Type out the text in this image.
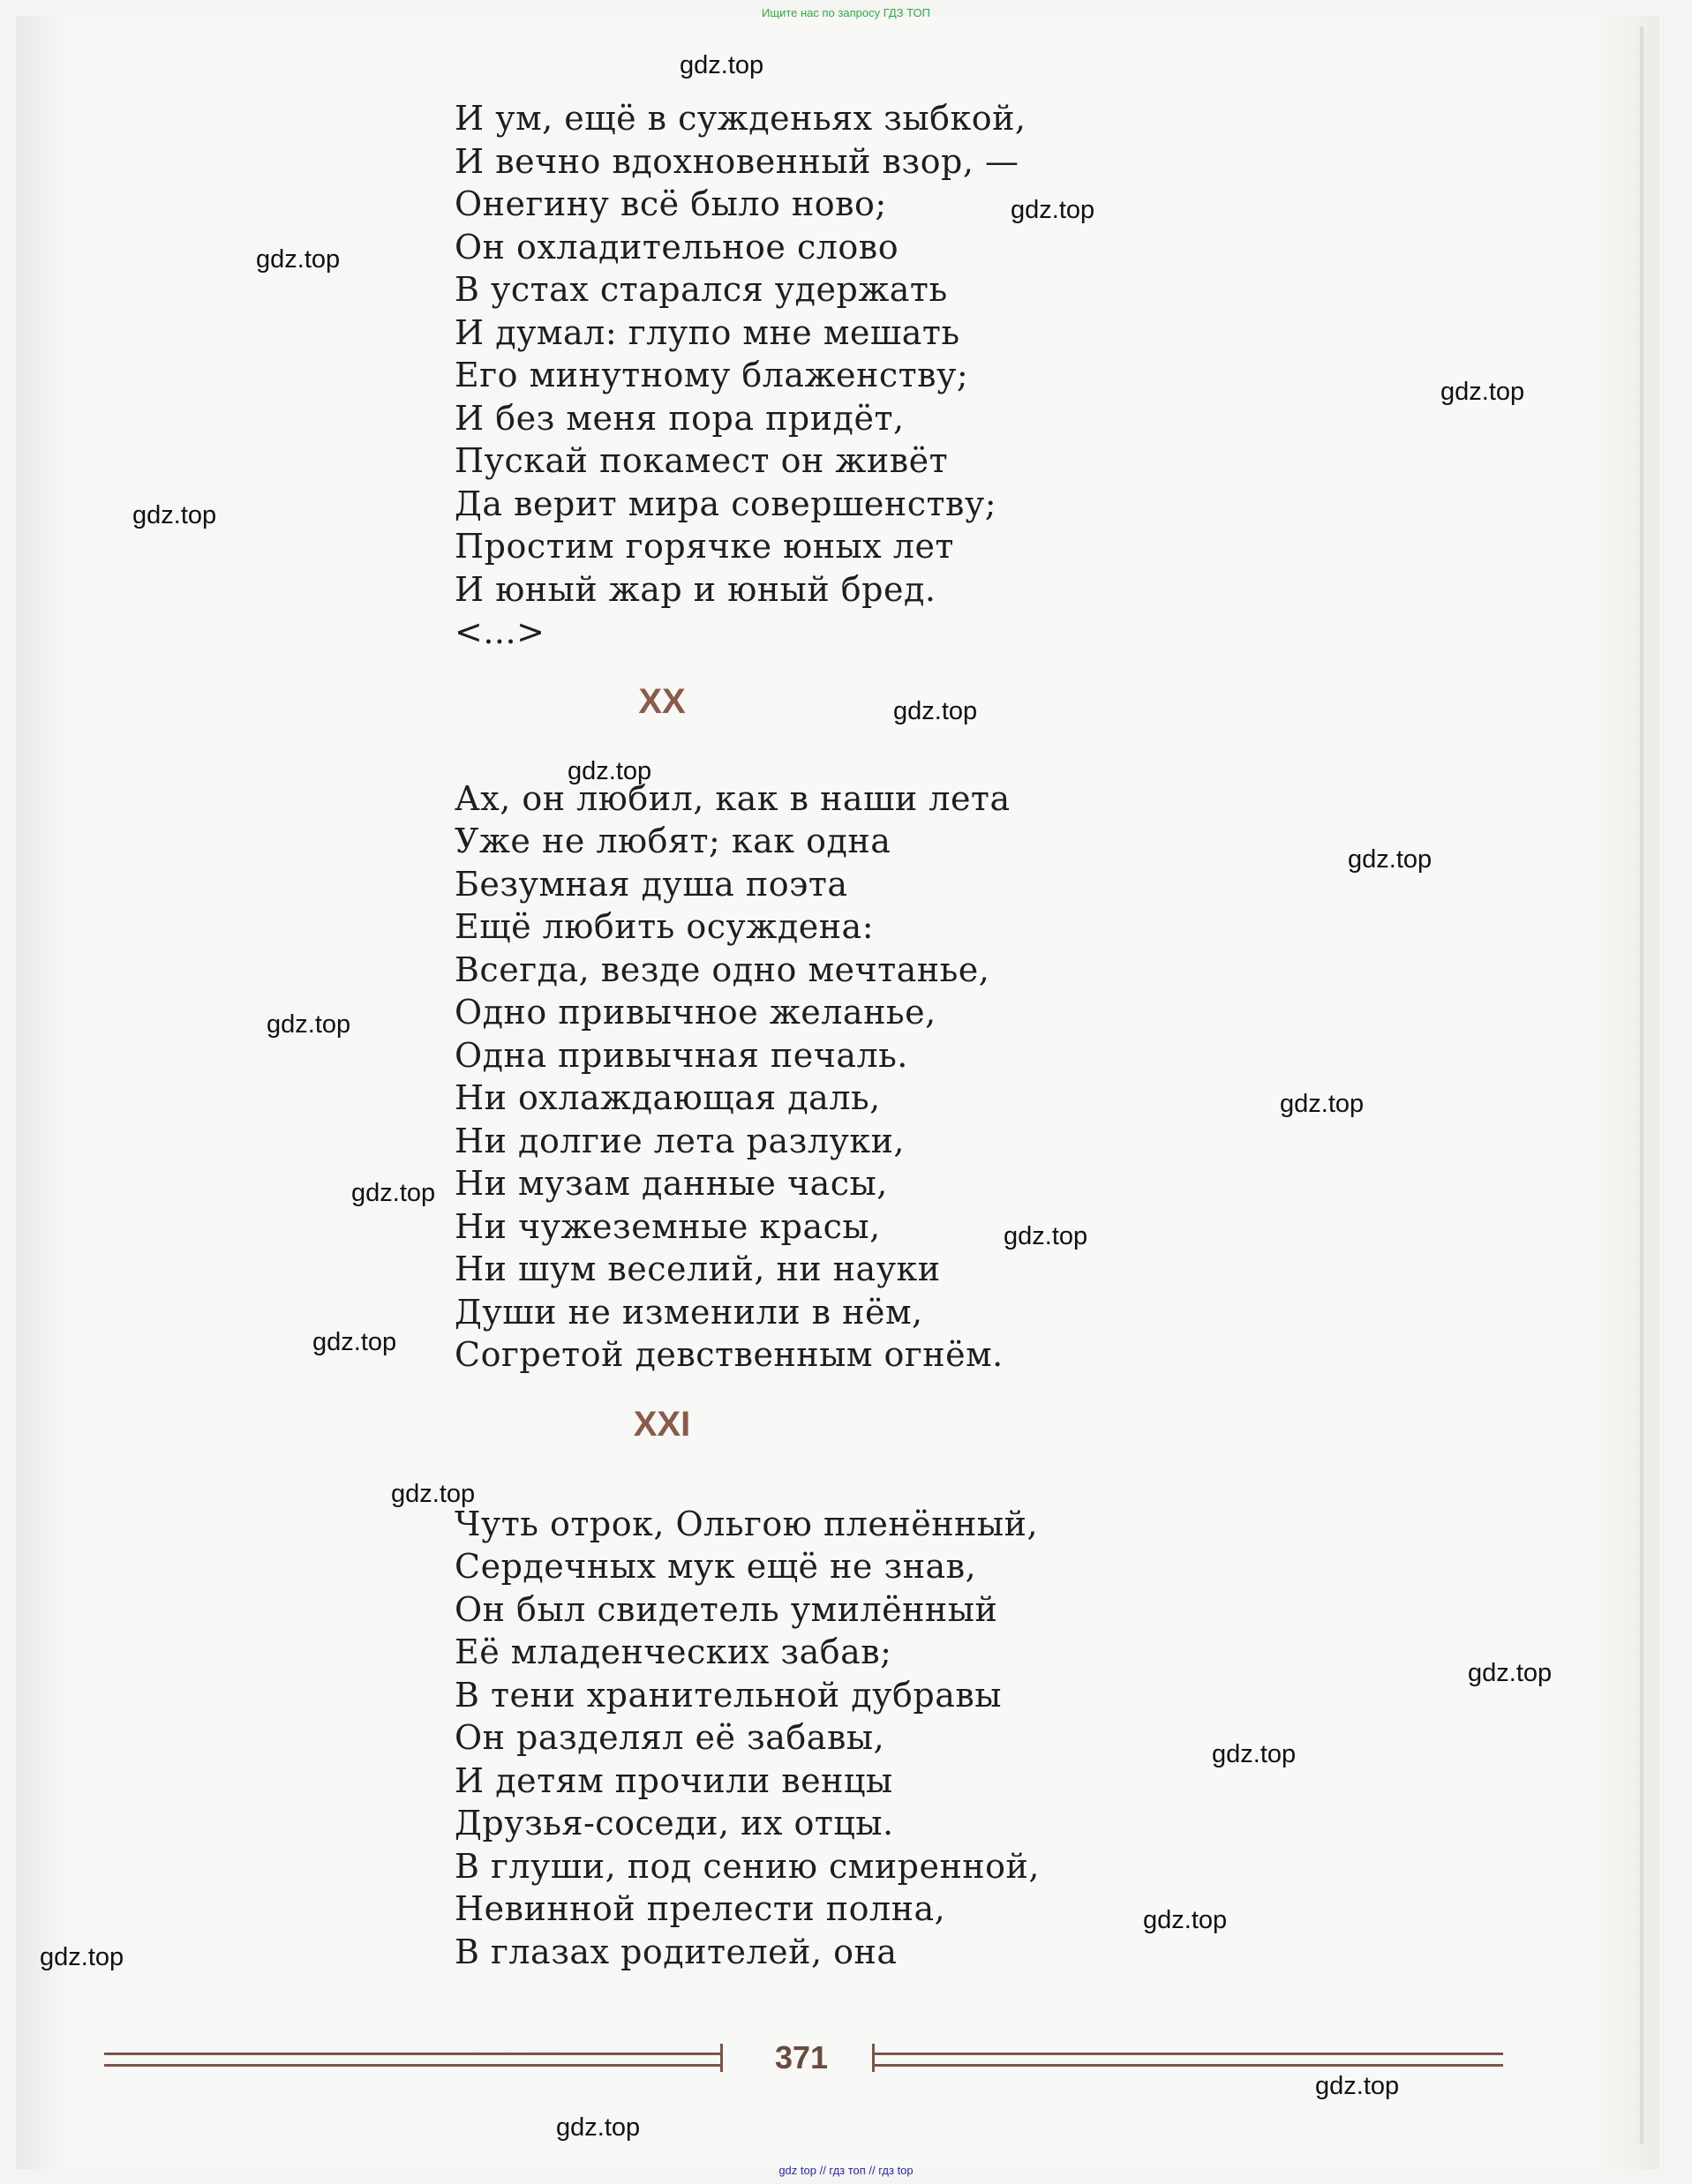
Ищите нас по запросу ГДЗ ТОП
И ум, ещё в сужденьях зыбкой,
И вечно вдохновенный взор, —
Онегину всё было ново;
Он охладительное слово
В устах старался удержать
И думал: глупо мне мешать
Его минутному блаженству;
И без меня пора придёт,
Пускай покамест он живёт
Да верит мира совершенству;
Простим горячке юных лет
И юный жар и юный бред.
<...>
XX
Ах, он любил, как в наши лета
Уже не любят; как одна
Безумная душа поэта
Ещё любить осуждена:
Всегда, везде одно мечтанье,
Одно привычное желанье,
Одна привычная печаль.
Ни охлаждающая даль,
Ни долгие лета разлуки,
Ни музам данные часы,
Ни чужеземные красы,
Ни шум веселий, ни науки
Души не изменили в нём,
Согретой девственным огнём.
XXI
Чуть отрок, Ольгою пленённый,
Сердечных мук ещё не знав,
Он был свидетель умилённый
Её младенческих забав;
В тени хранительной дубравы
Он разделял её забавы,
И детям прочили венцы
Друзья-соседи, их отцы.
В глуши, под сению смиренной,
Невинной прелести полна,
В глазах родителей, она
371
gdz.top
gdz.top
gdz.top
gdz.top
gdz.top
gdz.top
gdz.top
gdz.top
gdz.top
gdz.top
gdz.top
gdz.top
gdz.top
gdz.top
gdz.top
gdz.top
gdz.top
gdz.top
gdz.top
gdz.top
gdz top // гдз топ // гдз top
